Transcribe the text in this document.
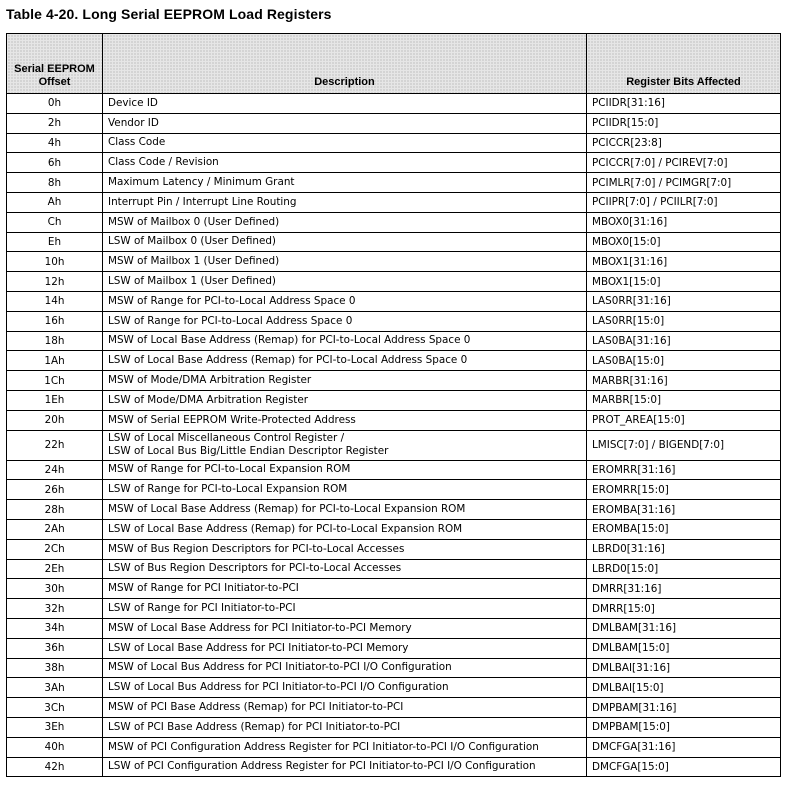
Table 4-20. Long Serial EEPROM Load Registers
Serial EEPROM Offset	Description	Register Bits Affected
0h	Device ID	PCIIDR[31:16]
2h	Vendor ID	PCIIDR[15:0]
4h	Class Code	PCICCR[23:8]
6h	Class Code / Revision	PCICCR[7:0] / PCIREV[7:0]
8h	Maximum Latency / Minimum Grant	PCIMLR[7:0] / PCIMGR[7:0]
Ah	Interrupt Pin / Interrupt Line Routing	PCIIPR[7:0] / PCIILR[7:0]
Ch	MSW of Mailbox 0 (User Defined)	MBOX0[31:16]
Eh	LSW of Mailbox 0 (User Defined)	MBOX0[15:0]
10h	MSW of Mailbox 1 (User Defined)	MBOX1[31:16]
12h	LSW of Mailbox 1 (User Defined)	MBOX1[15:0]
14h	MSW of Range for PCI-to-Local Address Space 0	LAS0RR[31:16]
16h	LSW of Range for PCI-to-Local Address Space 0	LAS0RR[15:0]
18h	MSW of Local Base Address (Remap) for PCI-to-Local Address Space 0	LAS0BA[31:16]
1Ah	LSW of Local Base Address (Remap) for PCI-to-Local Address Space 0	LAS0BA[15:0]
1Ch	MSW of Mode/DMA Arbitration Register	MARBR[31:16]
1Eh	LSW of Mode/DMA Arbitration Register	MARBR[15:0]
20h	MSW of Serial EEPROM Write-Protected Address	PROT_AREA[15:0]
22h	LSW of Local Miscellaneous Control Register /
LSW of Local Bus Big/Little Endian Descriptor Register	LMISC[7:0] / BIGEND[7:0]
24h	MSW of Range for PCI-to-Local Expansion ROM	EROMRR[31:16]
26h	LSW of Range for PCI-to-Local Expansion ROM	EROMRR[15:0]
28h	MSW of Local Base Address (Remap) for PCI-to-Local Expansion ROM	EROMBA[31:16]
2Ah	LSW of Local Base Address (Remap) for PCI-to-Local Expansion ROM	EROMBA[15:0]
2Ch	MSW of Bus Region Descriptors for PCI-to-Local Accesses	LBRD0[31:16]
2Eh	LSW of Bus Region Descriptors for PCI-to-Local Accesses	LBRD0[15:0]
30h	MSW of Range for PCI Initiator-to-PCI	DMRR[31:16]
32h	LSW of Range for PCI Initiator-to-PCI	DMRR[15:0]
34h	MSW of Local Base Address for PCI Initiator-to-PCI Memory	DMLBAM[31:16]
36h	LSW of Local Base Address for PCI Initiator-to-PCI Memory	DMLBAM[15:0]
38h	MSW of Local Bus Address for PCI Initiator-to-PCI I/O Configuration	DMLBAI[31:16]
3Ah	LSW of Local Bus Address for PCI Initiator-to-PCI I/O Configuration	DMLBAI[15:0]
3Ch	MSW of PCI Base Address (Remap) for PCI Initiator-to-PCI	DMPBAM[31:16]
3Eh	LSW of PCI Base Address (Remap) for PCI Initiator-to-PCI	DMPBAM[15:0]
40h	MSW of PCI Configuration Address Register for PCI Initiator-to-PCI I/O Configuration	DMCFGA[31:16]
42h	LSW of PCI Configuration Address Register for PCI Initiator-to-PCI I/O Configuration	DMCFGA[15:0]
